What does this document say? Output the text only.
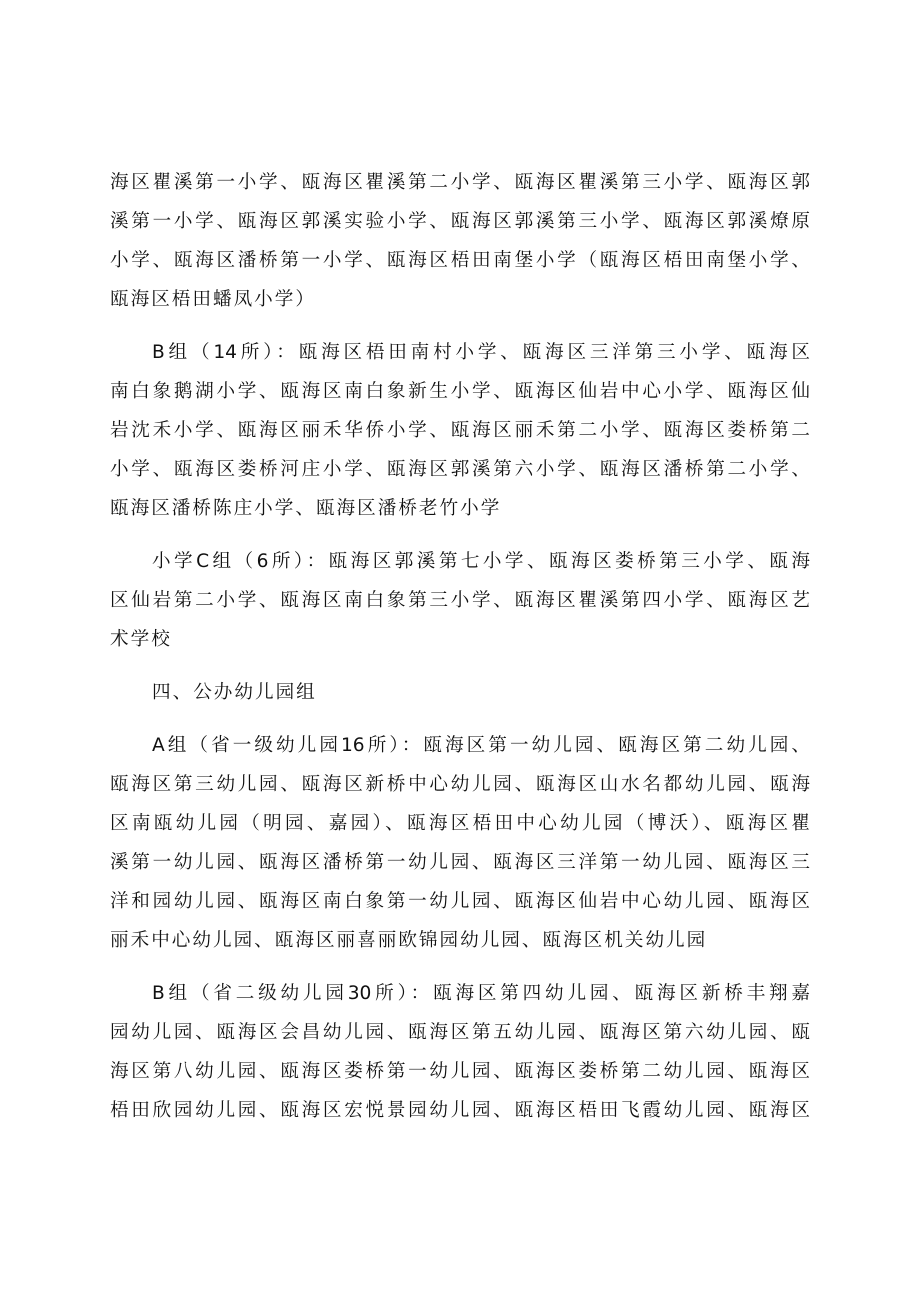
海区瞿溪第一小学、瓯海区瞿溪第二小学、瓯海区瞿溪第三小学、瓯海区郭
溪第一小学、瓯海区郭溪实验小学、瓯海区郭溪第三小学、瓯海区郭溪燎原
小学、瓯海区潘桥第一小学、瓯海区梧田南堡小学（瓯海区梧田南堡小学、
瓯海区梧田蟠凤小学）
B组（14所）：瓯海区梧田南村小学、瓯海区三洋第三小学、瓯海区
南白象鹅湖小学、瓯海区南白象新生小学、瓯海区仙岩中心小学、瓯海区仙
岩沈禾小学、瓯海区丽禾华侨小学、瓯海区丽禾第二小学、瓯海区娄桥第二
小学、瓯海区娄桥河庄小学、瓯海区郭溪第六小学、瓯海区潘桥第二小学、
瓯海区潘桥陈庄小学、瓯海区潘桥老竹小学
小学C组（6所）：瓯海区郭溪第七小学、瓯海区娄桥第三小学、瓯海
区仙岩第二小学、瓯海区南白象第三小学、瓯海区瞿溪第四小学、瓯海区艺
术学校
四、公办幼儿园组
A组（省一级幼儿园16所）：瓯海区第一幼儿园、瓯海区第二幼儿园、
瓯海区第三幼儿园、瓯海区新桥中心幼儿园、瓯海区山水名都幼儿园、瓯海
区南瓯幼儿园（明园、嘉园）、瓯海区梧田中心幼儿园（博沃）、瓯海区瞿
溪第一幼儿园、瓯海区潘桥第一幼儿园、瓯海区三洋第一幼儿园、瓯海区三
洋和园幼儿园、瓯海区南白象第一幼儿园、瓯海区仙岩中心幼儿园、瓯海区
丽禾中心幼儿园、瓯海区丽喜丽欧锦园幼儿园、瓯海区机关幼儿园
B组（省二级幼儿园30所）：瓯海区第四幼儿园、瓯海区新桥丰翔嘉
园幼儿园、瓯海区会昌幼儿园、瓯海区第五幼儿园、瓯海区第六幼儿园、瓯
海区第八幼儿园、瓯海区娄桥第一幼儿园、瓯海区娄桥第二幼儿园、瓯海区
梧田欣园幼儿园、瓯海区宏悦景园幼儿园、瓯海区梧田飞霞幼儿园、瓯海区
